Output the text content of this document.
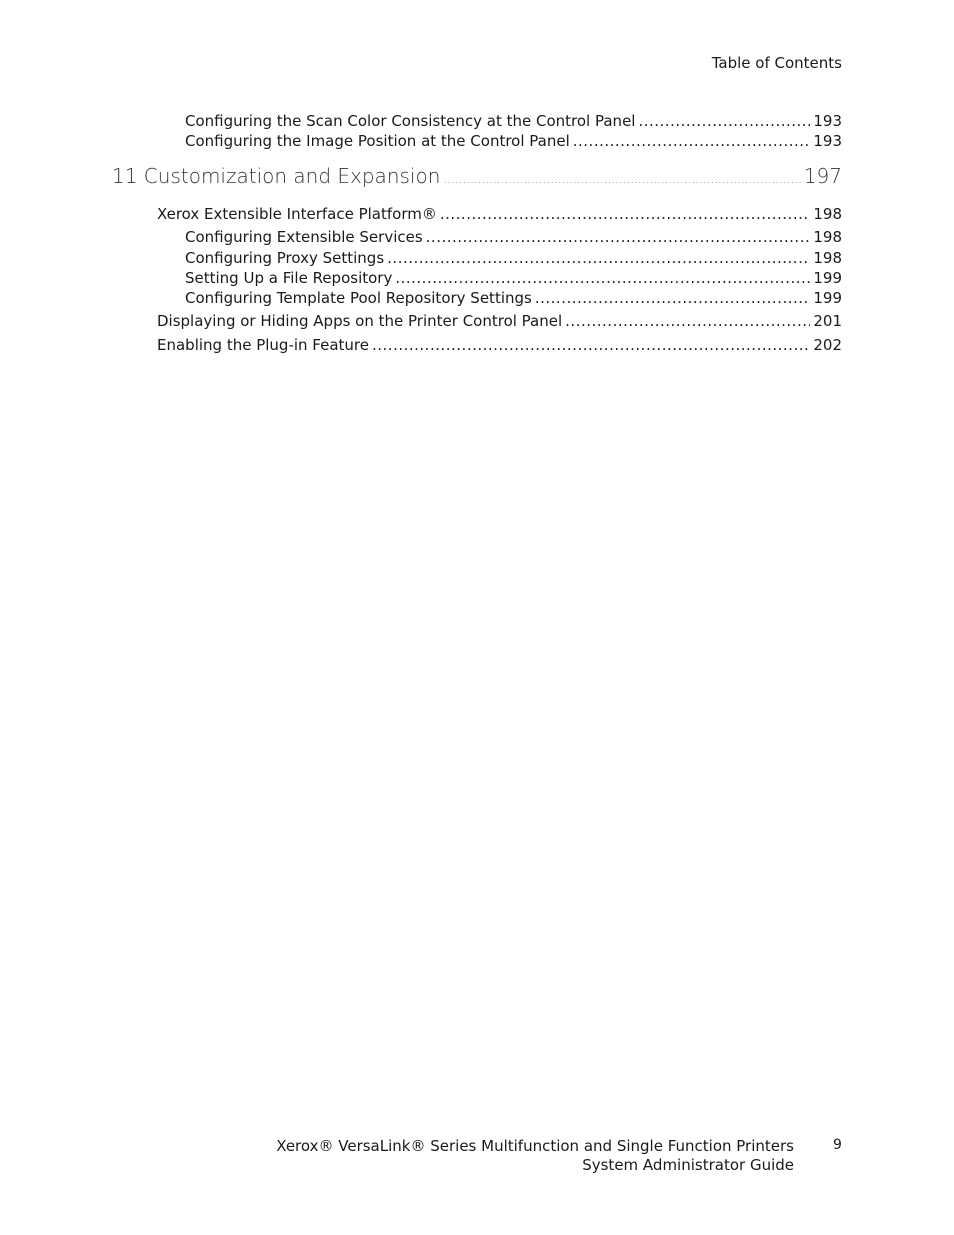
Table of Contents
Configuring the Scan Color Consistency at the Control Panel .....	193
Configuring the Image Position at the Control Panel .....	193
11 Customization and Expansion .....	197
Xerox Extensible Interface Platform® .....	198
Configuring Extensible Services .....	198
Configuring Proxy Settings .....	198
Setting Up a File Repository .....	199
Configuring Template Pool Repository Settings .....	199
Displaying or Hiding Apps on the Printer Control Panel .....	201
Enabling the Plug-in Feature .....	202
Xerox® VersaLink® Series Multifunction and Single Function Printers
System Administrator Guide
9
